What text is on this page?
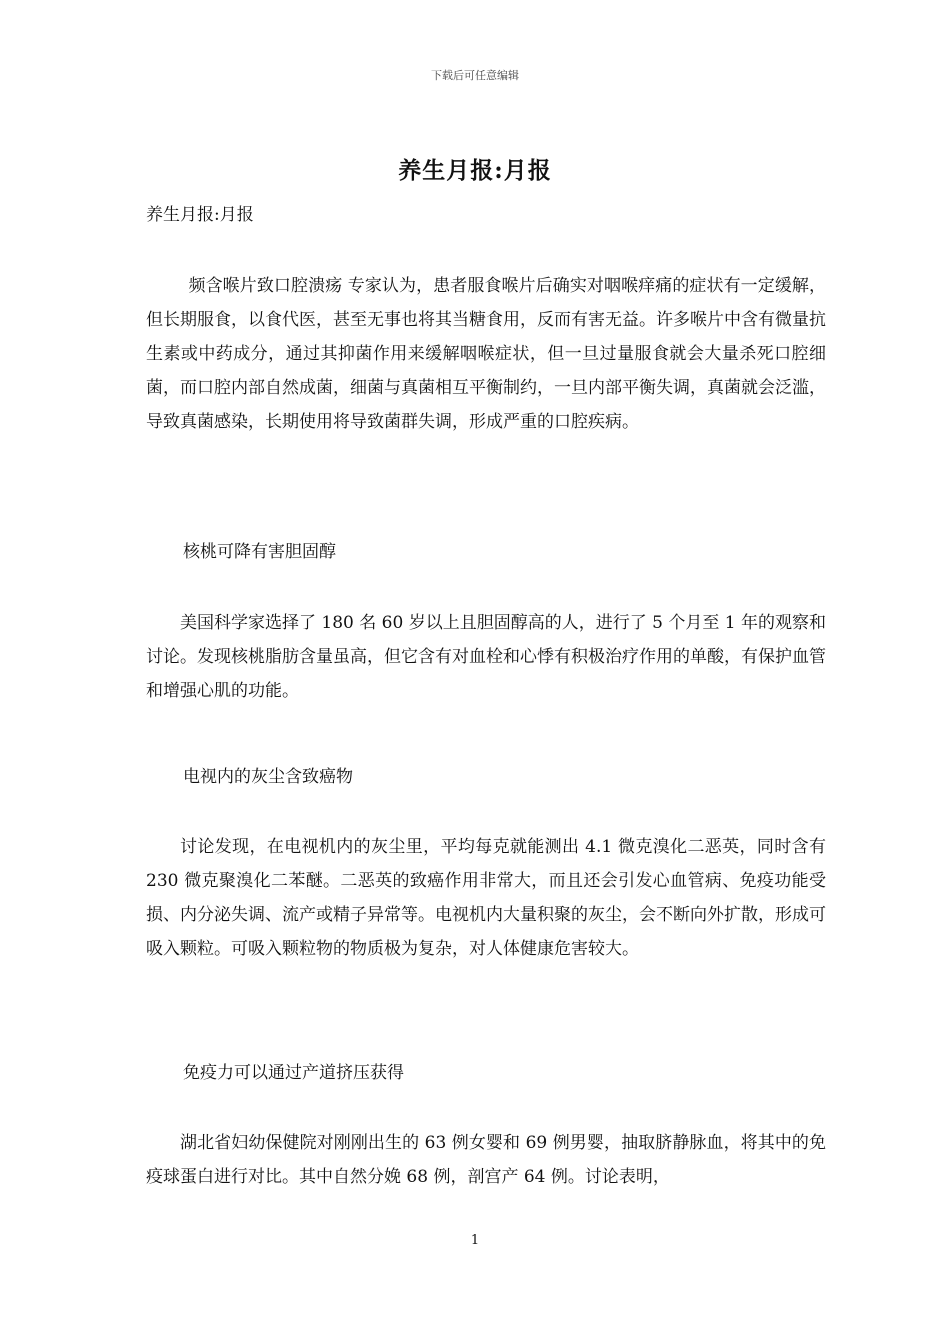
下载后可任意编辑
养生月报:月报
养生月报:月报

频含喉片致口腔溃疡 专家认为，患者服食喉片后确实对咽喉痒痛的症状有一定缓解，但长期服食，以食代医，甚至无事也将其当糖食用，反而有害无益。许多喉片中含有微量抗生素或中药成分，通过其抑菌作用来缓解咽喉症状，但一旦过量服食就会大量杀死口腔细菌，而口腔内部自然成菌，细菌与真菌相互平衡制约，一旦内部平衡失调，真菌就会泛滥，导致真菌感染，长期使用将导致菌群失调，形成严重的口腔疾病。

核桃可降有害胆固醇

美国科学家选择了 180 名 60 岁以上且胆固醇高的人，进行了 5 个月至 1 年的观察和讨论。发现核桃脂肪含量虽高，但它含有对血栓和心悸有积极治疗作用的单酸，有保护血管和增强心肌的功能。

电视内的灰尘含致癌物

讨论发现，在电视机内的灰尘里，平均每克就能测出 4.1 微克溴化二恶英，同时含有 230 微克聚溴化二苯醚。二恶英的致癌作用非常大，而且还会引发心血管病、免疫功能受损、内分泌失调、流产或精子异常等。电视机内大量积聚的灰尘，会不断向外扩散，形成可吸入颗粒。可吸入颗粒物的物质极为复杂，对人体健康危害较大。

免疫力可以通过产道挤压获得

湖北省妇幼保健院对刚刚出生的 63 例女婴和 69 例男婴，抽取脐静脉血，将其中的免疫球蛋白进行对比。其中自然分娩 68 例，剖宫产 64 例。讨论表明，

1
